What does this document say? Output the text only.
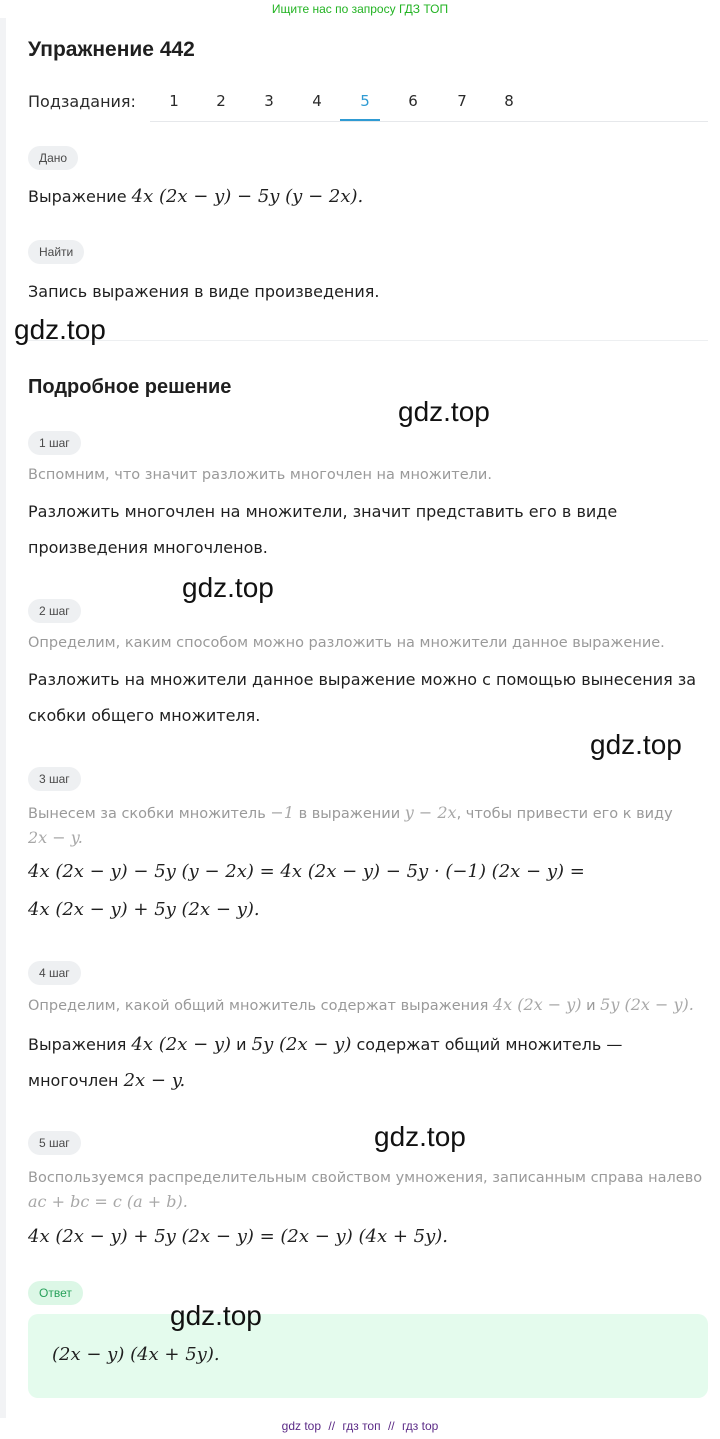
Ищите нас по запросу ГДЗ ТОП
Упражнение 442
Подзадания:	1	2	3	4	5	6	7	8
Дано
Выражение 4x (2x − y) − 5y (y − 2x).
Найти
Запись выражения в виде произведения.
Подробное решение
1 шаг
Вспомним, что значит разложить многочлен на множители.
Разложить многочлен на множители, значит представить его в виде
произведения многочленов.
2 шаг
Определим, каким способом можно разложить на множители данное выражение.
Разложить на множители данное выражение можно с помощью вынесения за
скобки общего множителя.
3 шаг
Вынесем за скобки множитель −1 в выражении y − 2x, чтобы привести его к виду
2x − y.
4x (2x − y) − 5y (y − 2x) = 4x (2x − y) − 5y · (−1) (2x − y) =
4x (2x − y) + 5y (2x − y).
4 шаг
Определим, какой общий множитель содержат выражения 4x (2x − y) и 5y (2x − y).
Выражения 4x (2x − y) и 5y (2x − y) содержат общий множитель —
многочлен 2x − y.
5 шаг
Воспользуемся распределительным свойством умножения, записанным справа налево
ac + bc = c (a + b).
4x (2x − y) + 5y (2x − y) = (2x − y) (4x + 5y).
Ответ
(2x − y) (4x + 5y).
gdz.top
gdz.top
gdz.top
gdz.top
gdz.top
gdz.top
gdz top // гдз топ // гдз top
